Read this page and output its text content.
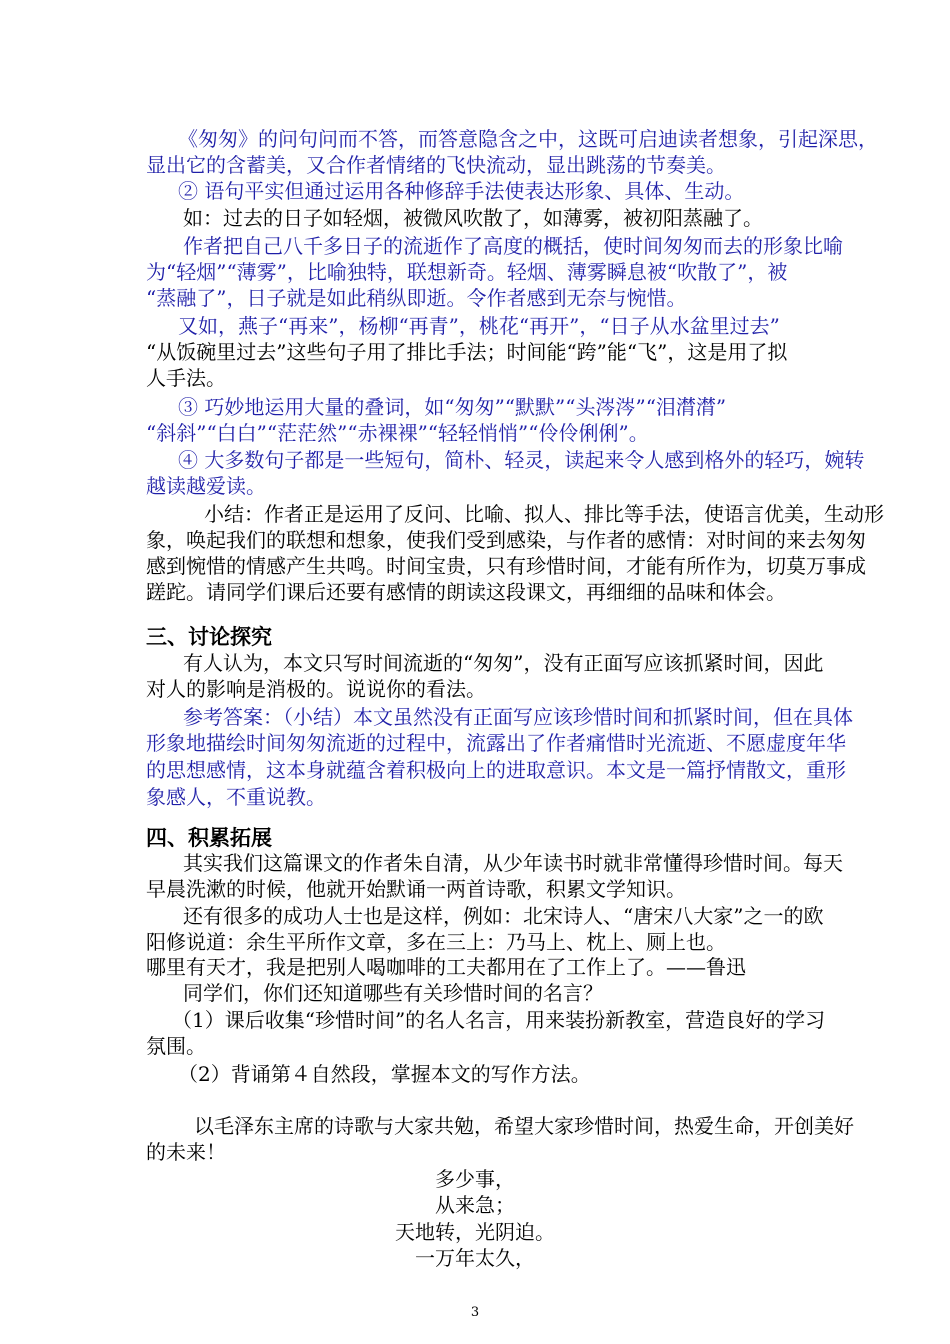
《匆匆》的问句问而不答，而答意隐含之中，这既可启迪读者想象，引起深思，
显出它的含蓄美，又合作者情绪的飞快流动，显出跳荡的节奏美。
② 语句平实但通过运用各种修辞手法使表达形象、具体、生动。
如：过去的日子如轻烟，被微风吹散了，如薄雾，被初阳蒸融了。
作者把自己八千多日子的流逝作了高度的概括，使时间匆匆而去的形象比喻
为“轻烟”“薄雾”，比喻独特，联想新奇。轻烟、薄雾瞬息被“吹散了”，被
“蒸融了”，日子就是如此稍纵即逝。令作者感到无奈与惋惜。
又如，燕子“再来”，杨柳“再青”，桃花“再开”，“日子从水盆里过去”
“从饭碗里过去”这些句子用了排比手法；时间能“跨”能“飞”，这是用了拟
人手法。
③ 巧妙地运用大量的叠词，如“匆匆”“默默”“头涔涔”“泪潸潸”
“斜斜”“白白”“茫茫然”“赤裸裸”“轻轻悄悄”“伶伶俐俐”。
④ 大多数句子都是一些短句，简朴、轻灵，读起来令人感到格外的轻巧，婉转
越读越爱读。
小结：作者正是运用了反问、比喻、拟人、排比等手法，使语言优美，生动形
象，唤起我们的联想和想象，使我们受到感染，与作者的感情：对时间的来去匆匆
感到惋惜的情感产生共鸣。时间宝贵，只有珍惜时间，才能有所作为，切莫万事成
蹉跎。请同学们课后还要有感情的朗读这段课文，再细细的品味和体会。
三、讨论探究
有人认为，本文只写时间流逝的“匆匆”，没有正面写应该抓紧时间，因此
对人的影响是消极的。说说你的看法。
参考答案：（小结）本文虽然没有正面写应该珍惜时间和抓紧时间，但在具体
形象地描绘时间匆匆流逝的过程中，流露出了作者痛惜时光流逝、不愿虚度年华
的思想感情，这本身就蕴含着积极向上的进取意识。本文是一篇抒情散文，重形
象感人，不重说教。
四、积累拓展
其实我们这篇课文的作者朱自清，从少年读书时就非常懂得珍惜时间。每天
早晨洗漱的时候，他就开始默诵一两首诗歌，积累文学知识。
还有很多的成功人士也是这样，例如：北宋诗人、“唐宋八大家”之一的欧
阳修说道：余生平所作文章，多在三上：乃马上、枕上、厕上也。
哪里有天才，我是把别人喝咖啡的工夫都用在了工作上了。——鲁迅
同学们，你们还知道哪些有关珍惜时间的名言？
（1）课后收集“珍惜时间”的名人名言，用来装扮新教室，营造良好的学习
氛围。
（2）背诵第４自然段，掌握本文的写作方法。
以毛泽东主席的诗歌与大家共勉，希望大家珍惜时间，热爱生命，开创美好
的未来！
多少事，
从来急；
天地转，光阴迫。
一万年太久，
3
